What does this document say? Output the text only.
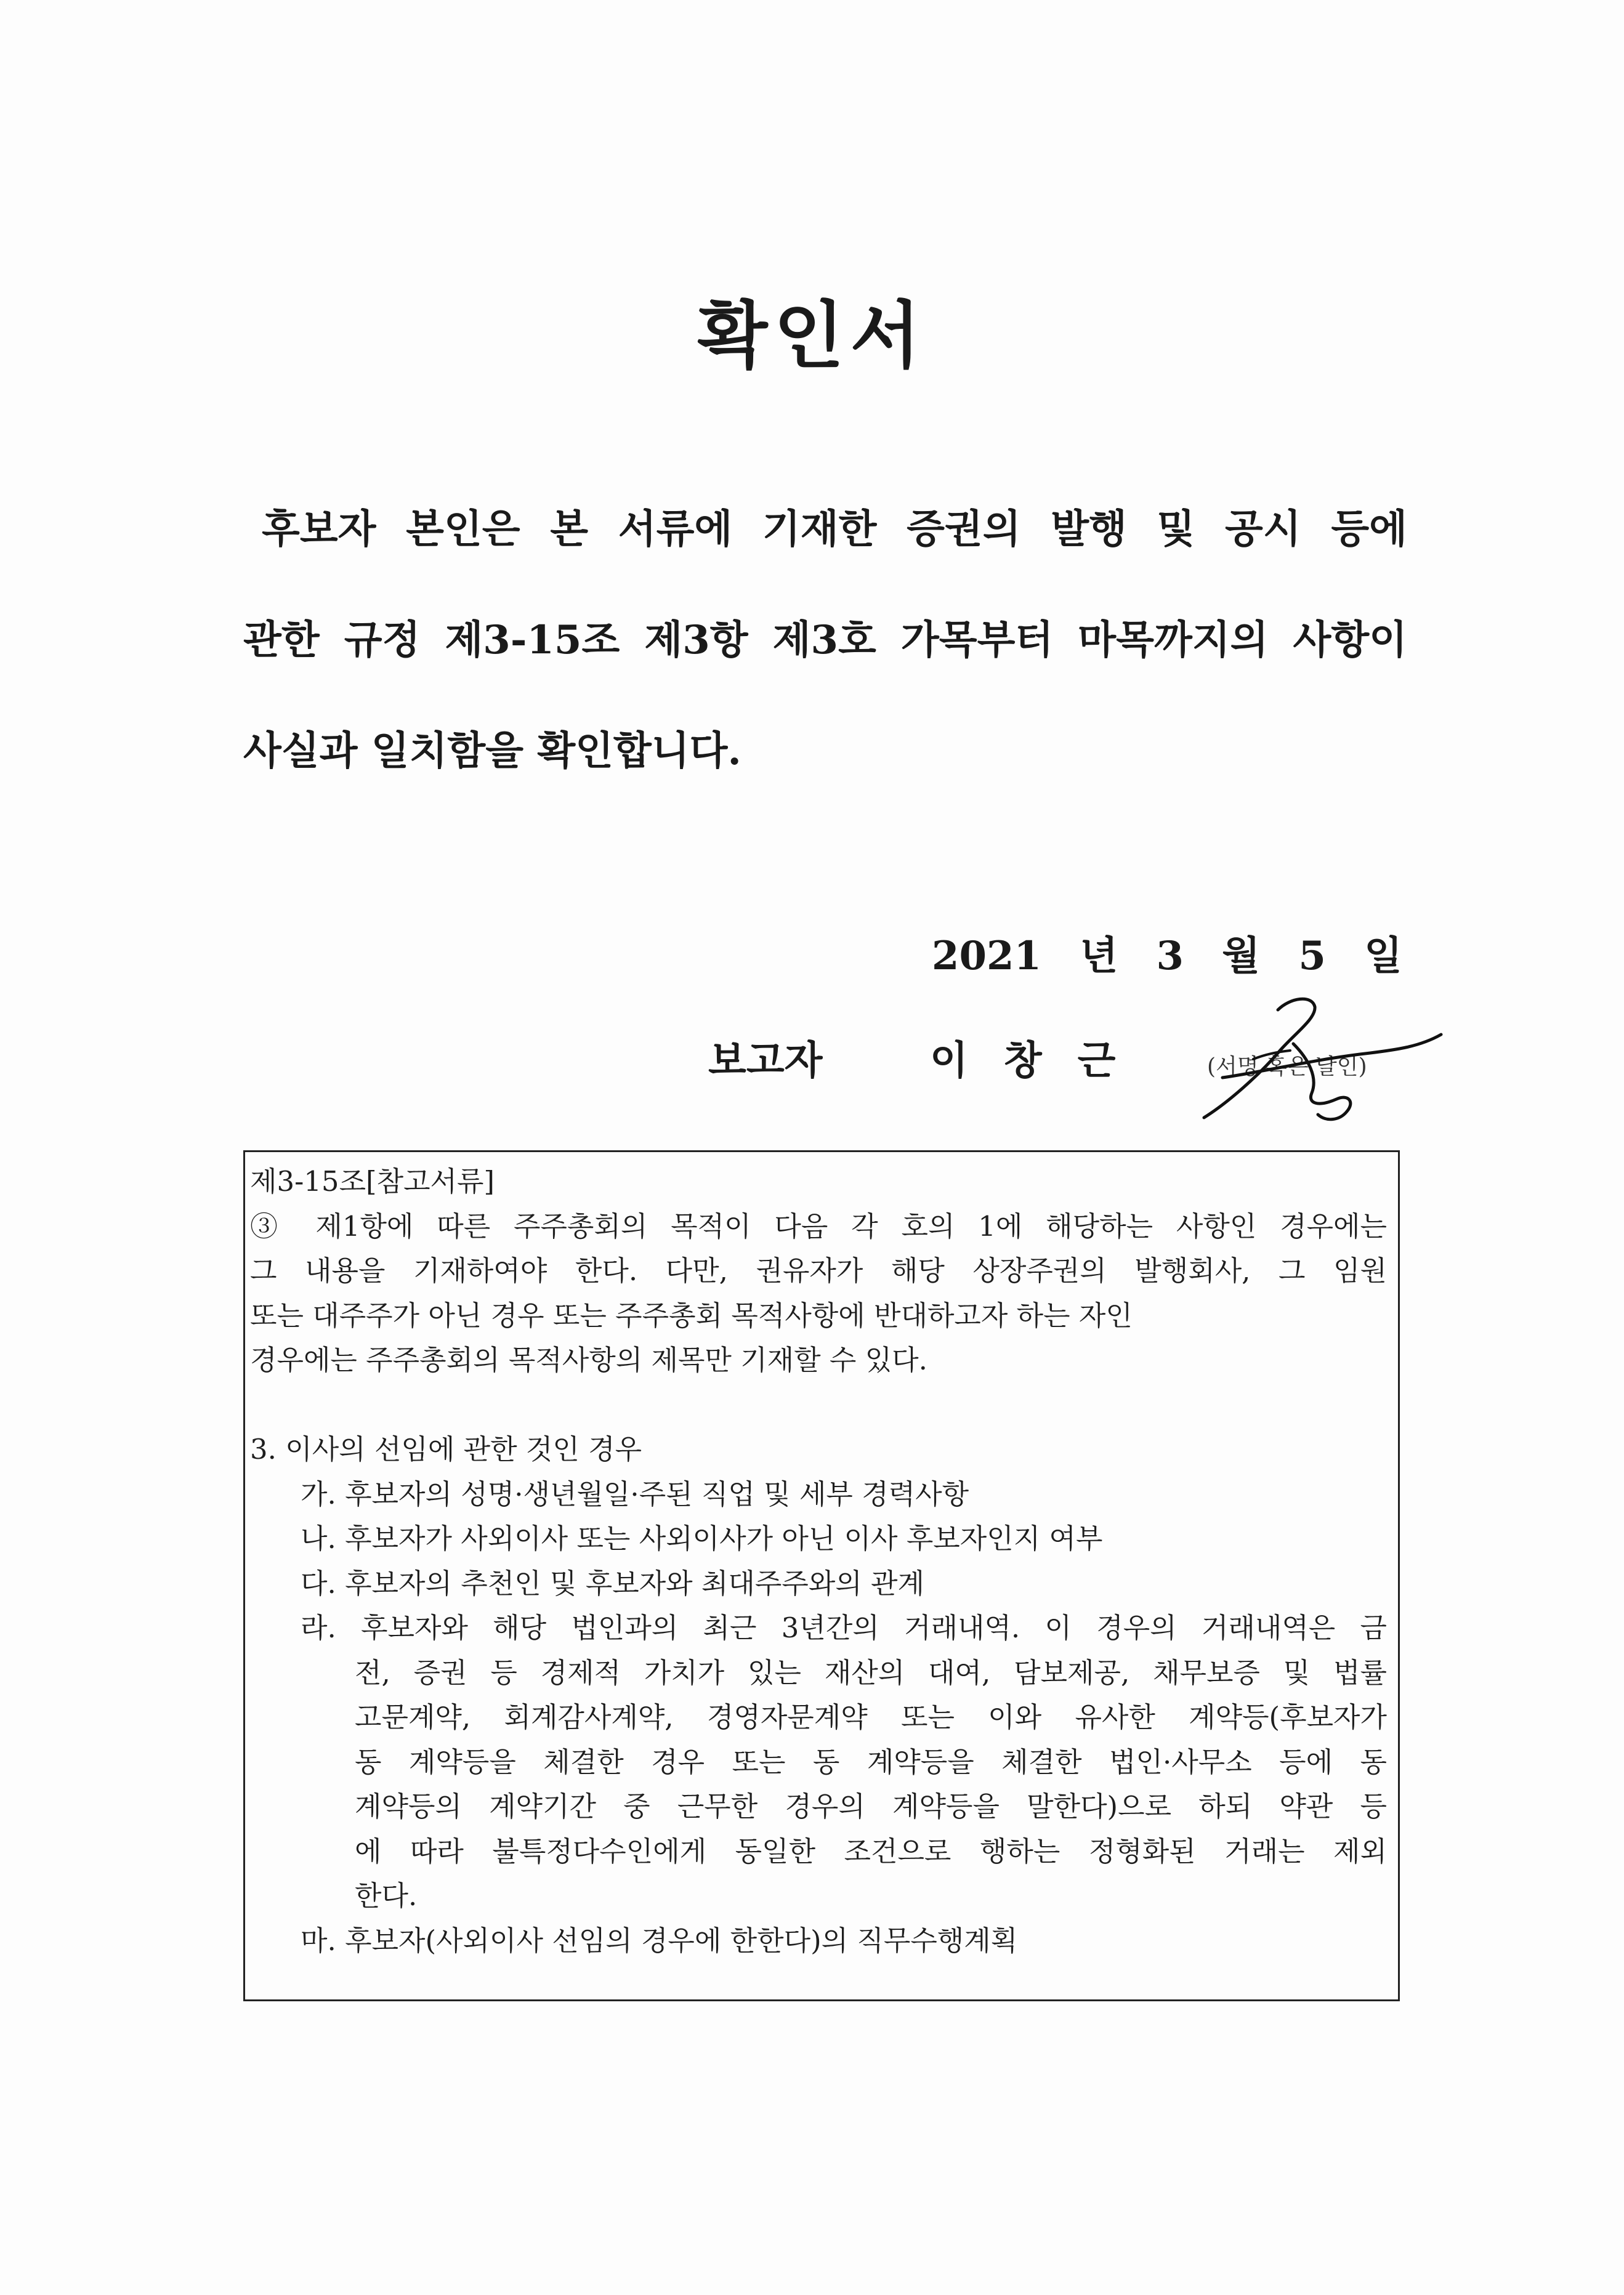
확인서
후보자 본인은 본 서류에 기재한 증권의 발행 및 공시 등에
관한 규정 제3-15조 제3항 제3호 가목부터 마목까지의 사항이
사실과 일치함을 확인합니다.
2021 년 3 월 5 일
보고자	이창근	(서명 혹은 날인)
제3-15조[참고서류]
③ 제1항에 따른 주주총회의 목적이 다음 각 호의 1에 해당하는 사항인 경우에는
그 내용을 기재하여야 한다. 다만, 권유자가 해당 상장주권의 발행회사, 그 임원
또는 대주주가 아닌 경우 또는 주주총회 목적사항에 반대하고자 하는 자인
경우에는 주주총회의 목적사항의 제목만 기재할 수 있다.
3. 이사의 선임에 관한 것인 경우
가. 후보자의 성명·생년월일·주된 직업 및 세부 경력사항
나. 후보자가 사외이사 또는 사외이사가 아닌 이사 후보자인지 여부
다. 후보자의 추천인 및 후보자와 최대주주와의 관계
라. 후보자와 해당 법인과의 최근 3년간의 거래내역. 이 경우의 거래내역은 금
전, 증권 등 경제적 가치가 있는 재산의 대여, 담보제공, 채무보증 및 법률
고문계약, 회계감사계약, 경영자문계약 또는 이와 유사한 계약등(후보자가
동 계약등을 체결한 경우 또는 동 계약등을 체결한 법인·사무소 등에 동
계약등의 계약기간 중 근무한 경우의 계약등을 말한다)으로 하되 약관 등
에 따라 불특정다수인에게 동일한 조건으로 행하는 정형화된 거래는 제외
한다.
마. 후보자(사외이사 선임의 경우에 한한다)의 직무수행계획
